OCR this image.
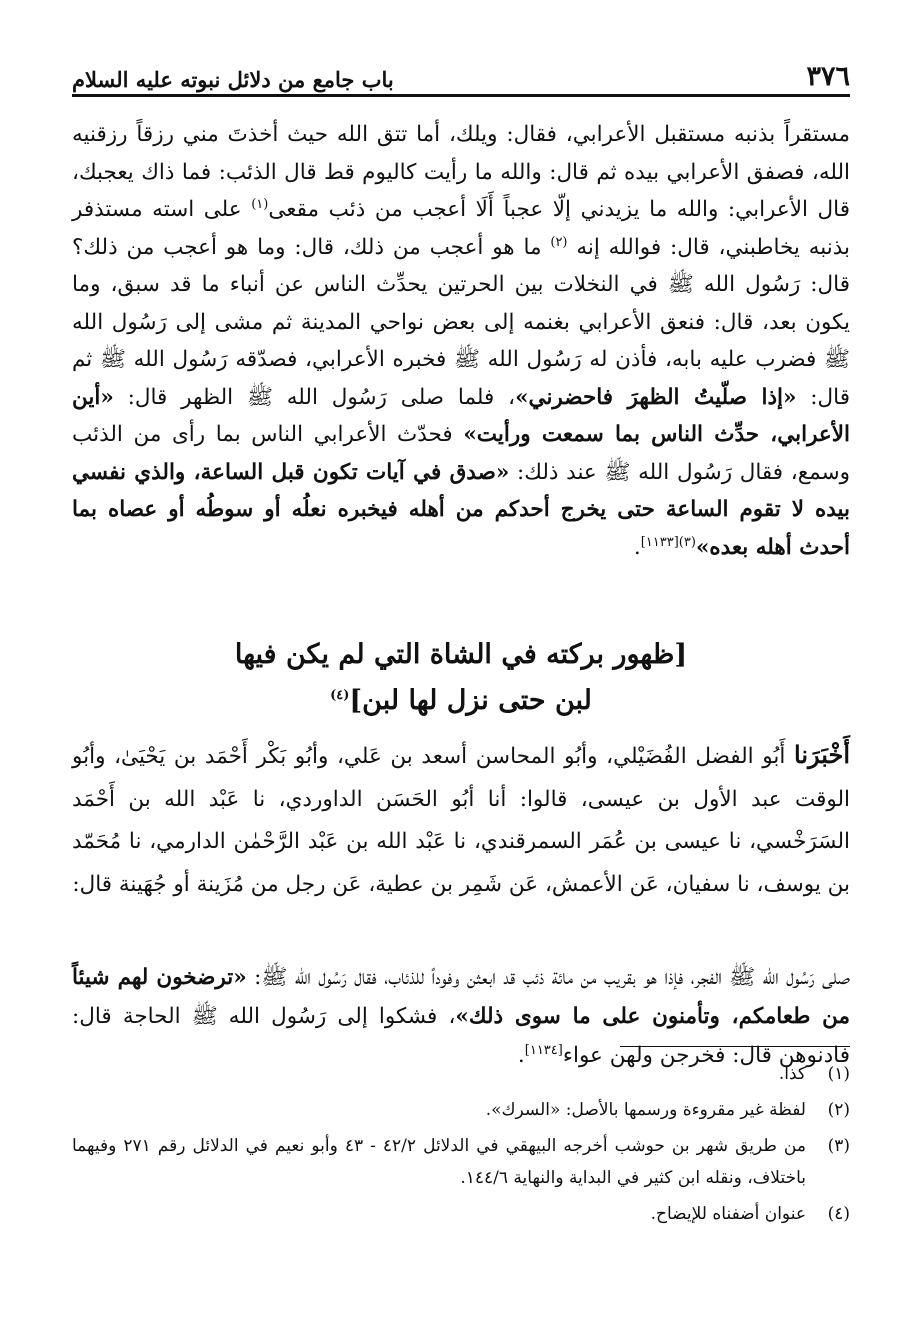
٣٧٦
باب جامع من دلائل نبوته عليه السلام

مستقراً بذنبه مستقبل الأعرابي، فقال: ويلك، أما تتق الله حيث أخذتَ مني رزقاً رزقنيه الله، فصفق الأعرابي بيده ثم قال: والله ما رأيت كاليوم قط قال الذئب: فما ذاك يعجبك، قال الأعرابي: والله ما يزيدني إلّا عجباً أَلَا أعجب من ذئب مقعى$^{(١)}$ على استه مستذفر بذنبه يخاطبني، قال: فوالله إنه $^{(٢)}$ ما هو أعجب من ذلك، قال: وما هو أعجب من ذلك؟ قال: رَسُول الله ﷺ في النخلات بين الحرتين يحدِّث الناس عن أنباء ما قد سبق، وما يكون بعد، قال: فنعق الأعرابي بغنمه إلى بعض نواحي المدينة ثم مشى إلى رَسُول الله ﷺ فضرب عليه بابه، فأذن له رَسُول الله ﷺ فخبره الأعرابي، فصدّقه رَسُول الله ﷺ ثم قال: «إذا صلّيتُ الظهرَ فاحضرني»، فلما صلى رَسُول الله ﷺ الظهر قال: «أين الأعرابي، حدِّث الناس بما سمعت ورأيت» فحدّث الأعرابي الناس بما رأى من الذئب وسمع، فقال رَسُول الله ﷺ عند ذلك: «صدق في آيات تكون قبل الساعة، والذي نفسي بيده لا تقوم الساعة حتى يخرج أحدكم من أهله فيخبره نعلُه أو سوطُه أو عصاه بما أحدث أهله بعده»$^{(٣)[١١٣٣]}$.

[ظهور بركته في الشاة التي لم يكن فيها
لبن حتى نزل لها لبن]$^{(٤)}$

أَخْبَرَنا أَبُو الفضل الفُضَيْلي، وأبُو المحاسن أسعد بن عَلي، وأبُو بَكْر أَحْمَد بن يَحْيَىٰ، وأبُو الوقت عبد الأول بن عيسى، قالوا: أنا أبُو الحَسَن الداوردي، نا عَبْد الله بن أَحْمَد السَرَخْسي، نا عيسى بن عُمَر السمرقندي، نا عَبْد الله بن عَبْد الرَّحْمٰن الدارمي، نا مُحَمّد بن يوسف، نا سفيان، عَن الأعمش، عَن شَمِر بن عطية، عَن رجل من مُزَينة أو جُهَينة قال:

صلى رَسُول الله ﷺ الفجر، فإذا هو بقريب من مائة ذئب قد ابعثن وفوداً للذئاب، فقال رَسُول الله ﷺ: «ترضخون لهم شيئاً من طعامكم، وتأمنون على ما سوى ذلك»، فشكوا إلى رَسُول الله ﷺ الحاجة قال: فادنوهن قال: فخرجن ولهن عواء[١١٣٤].

(١)
كذا.
(٢)
لفظة غير مقروءة ورسمها بالأصل: «السرك».
(٣)
من طريق شهر بن حوشب أخرجه البيهقي في الدلائل ٤٢/٢ - ٤٣ وأبو نعيم في الدلائل رقم ٢٧١ وفيهما باختلاف، ونقله ابن كثير في البداية والنهاية ١٤٤/٦.
(٤)
عنوان أضفناه للإيضاح.
